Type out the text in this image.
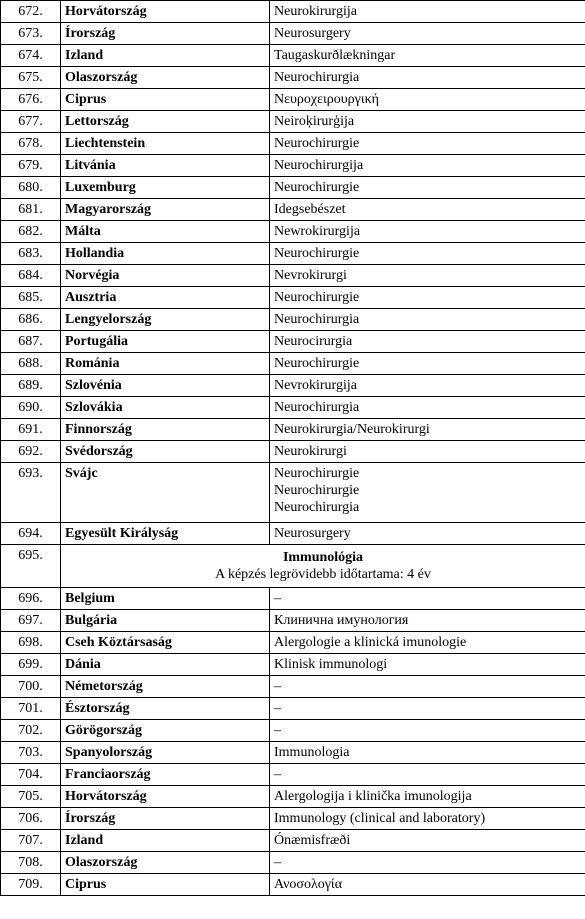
672.	Horvátország	Neurokirurgija
673.	Írország	Neurosurgery
674.	Izland	Taugaskurðlækningar
675.	Olaszország	Neurochirurgia
676.	Ciprus	Νευροχειρουργική
677.	Lettország	Neiroķirurģija
678.	Liechtenstein	Neurochirurgie
679.	Litvánia	Neurochirurgija
680.	Luxemburg	Neurochirurgie
681.	Magyarország	Idegsebészet
682.	Málta	Newrokirurgija
683.	Hollandia	Neurochirurgie
684.	Norvégia	Nevrokirurgi
685.	Ausztria	Neurochirurgie
686.	Lengyelország	Neurochirurgia
687.	Portugália	Neurocirurgia
688.	Románia	Neurochirurgie
689.	Szlovénia	Nevrokirurgija
690.	Szlovákia	Neurochirurgia
691.	Finnország	Neurokirurgia/Neurokirurgi
692.	Svédország	Neurokirurgi
693.	Svájc	Neurochirurgie
Neurochirurgie
Neurochirurgia

694.	Egyesült Királyság	Neurosurgery
695.	Immunológia
A képzés legrövidebb időtartama: 4 év	

696.	Belgium	–
697.	Bulgária	Клинична имунология
698.	Cseh Köztársaság	Alergologie a klinická imunologie
699.	Dánia	Klinisk immunologi
700.	Németország	–
701.	Észtország	–
702.	Görögország	–
703.	Spanyolország	Immunologia
704.	Franciaország	–
705.	Horvátország	Alergologija i klinička imunologija
706.	Írország	Immunology (clinical and laboratory)
707.	Izland	Ónæmisfræði
708.	Olaszország	–
709.	Ciprus	Ανοσολογία
